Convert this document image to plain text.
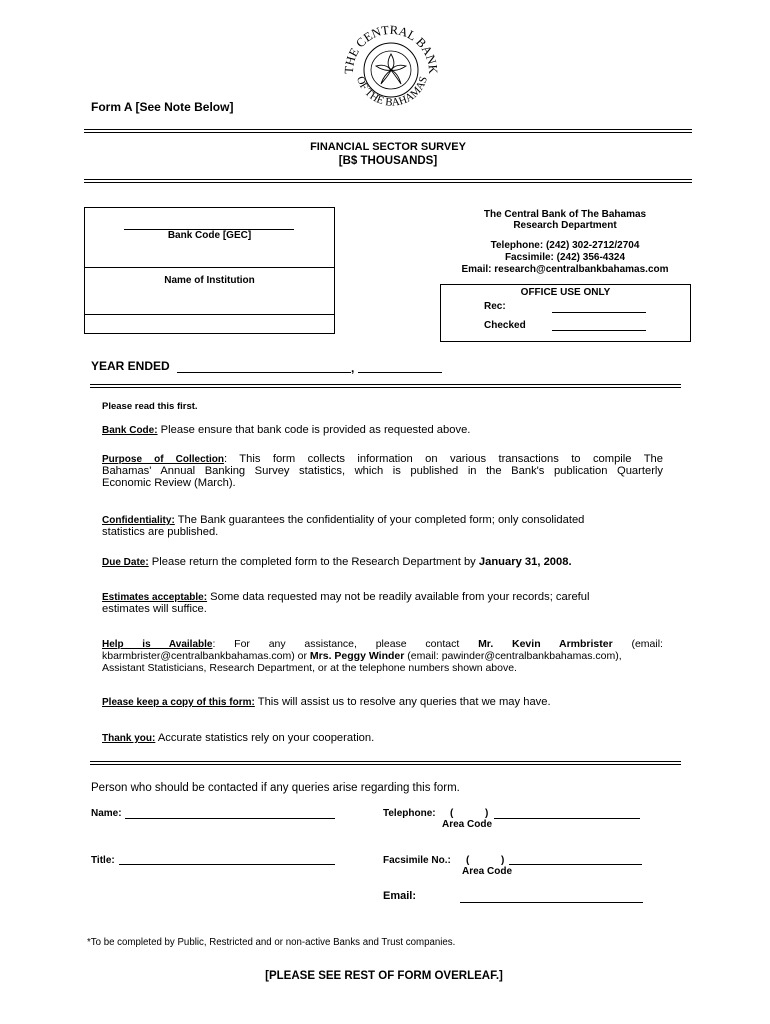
THE CENTRAL BANK
OF THE BAHAMAS
Form A [See Note Below]
FINANCIAL SECTOR SURVEY
[B$ THOUSANDS]
Bank Code [GEC]
Name of Institution
The Central Bank of The Bahamas
Research Department
Telephone: (242) 302-2712/2704
Facsimile: (242) 356-4324
Email: research@centralbankbahamas.com
OFFICE USE ONLY
Rec:
Checked
YEAR ENDED	,
Please read this first.
Bank Code: Please ensure that bank code is provided as requested above.
Purpose of Collection: This form collects information on various transactions to compile The
Bahamas' Annual Banking Survey statistics, which is published in the Bank's publication Quarterly
Economic Review (March).
Confidentiality: The Bank guarantees the confidentiality of your completed form; only consolidated
statistics are published.
Due Date: Please return the completed form to the Research Department by January 31, 2008.
Estimates acceptable: Some data requested may not be readily available from your records; careful
estimates will suffice.
Help is Available: For any assistance, please contact Mr. Kevin Armbrister (email:
kbarmbrister@centralbankbahamas.com) or Mrs. Peggy Winder (email: pawinder@centralbankbahamas.com),
Assistant Statisticians, Research Department, or at the telephone numbers shown above.
Please keep a copy of this form: This will assist us to resolve any queries that we may have.
Thank you: Accurate statistics rely on your cooperation.
Person who should be contacted if any queries arise regarding this form.
Name:	Telephone: (	)
Area Code
Title:	Facsimile No.: (	)
Area Code
Email:
*To be completed by Public, Restricted and or non-active Banks and Trust companies.
[PLEASE SEE REST OF FORM OVERLEAF.]
